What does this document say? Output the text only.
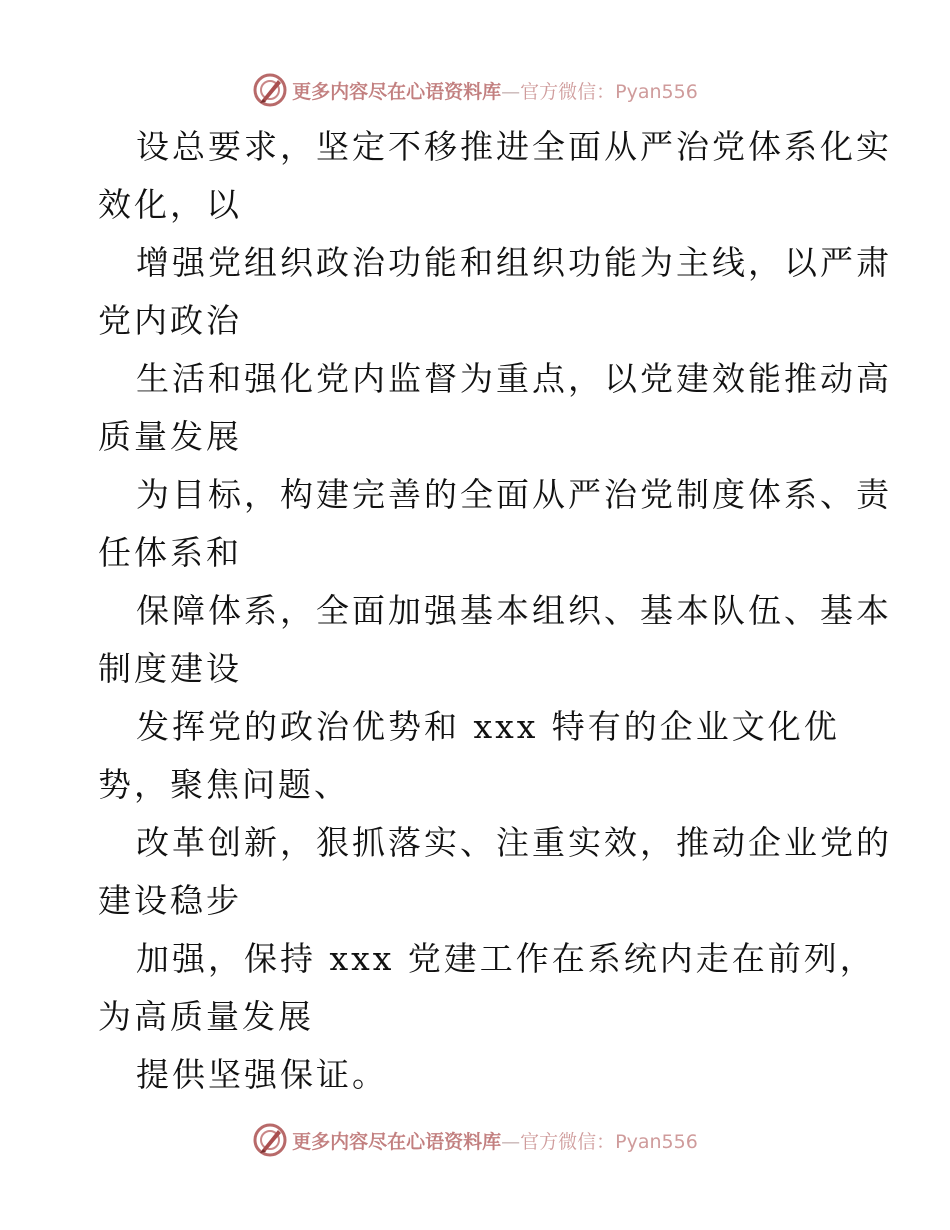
更多内容尽在心语资料库—官方微信：Pyan556
设总要求，坚定不移推进全面从严治党体系化实
效化，以
增强党组织政治功能和组织功能为主线，以严肃
党内政治
生活和强化党内监督为重点，以党建效能推动高
质量发展
为目标，构建完善的全面从严治党制度体系、责
任体系和
保障体系，全面加强基本组织、基本队伍、基本
制度建设
发挥党的政治优势和 xxx 特有的企业文化优
势，聚焦问题、
改革创新，狠抓落实、注重实效，推动企业党的
建设稳步
加强，保持 xxx 党建工作在系统内走在前列，
为高质量发展
提供坚强保证。
更多内容尽在心语资料库—官方微信：Pyan556
